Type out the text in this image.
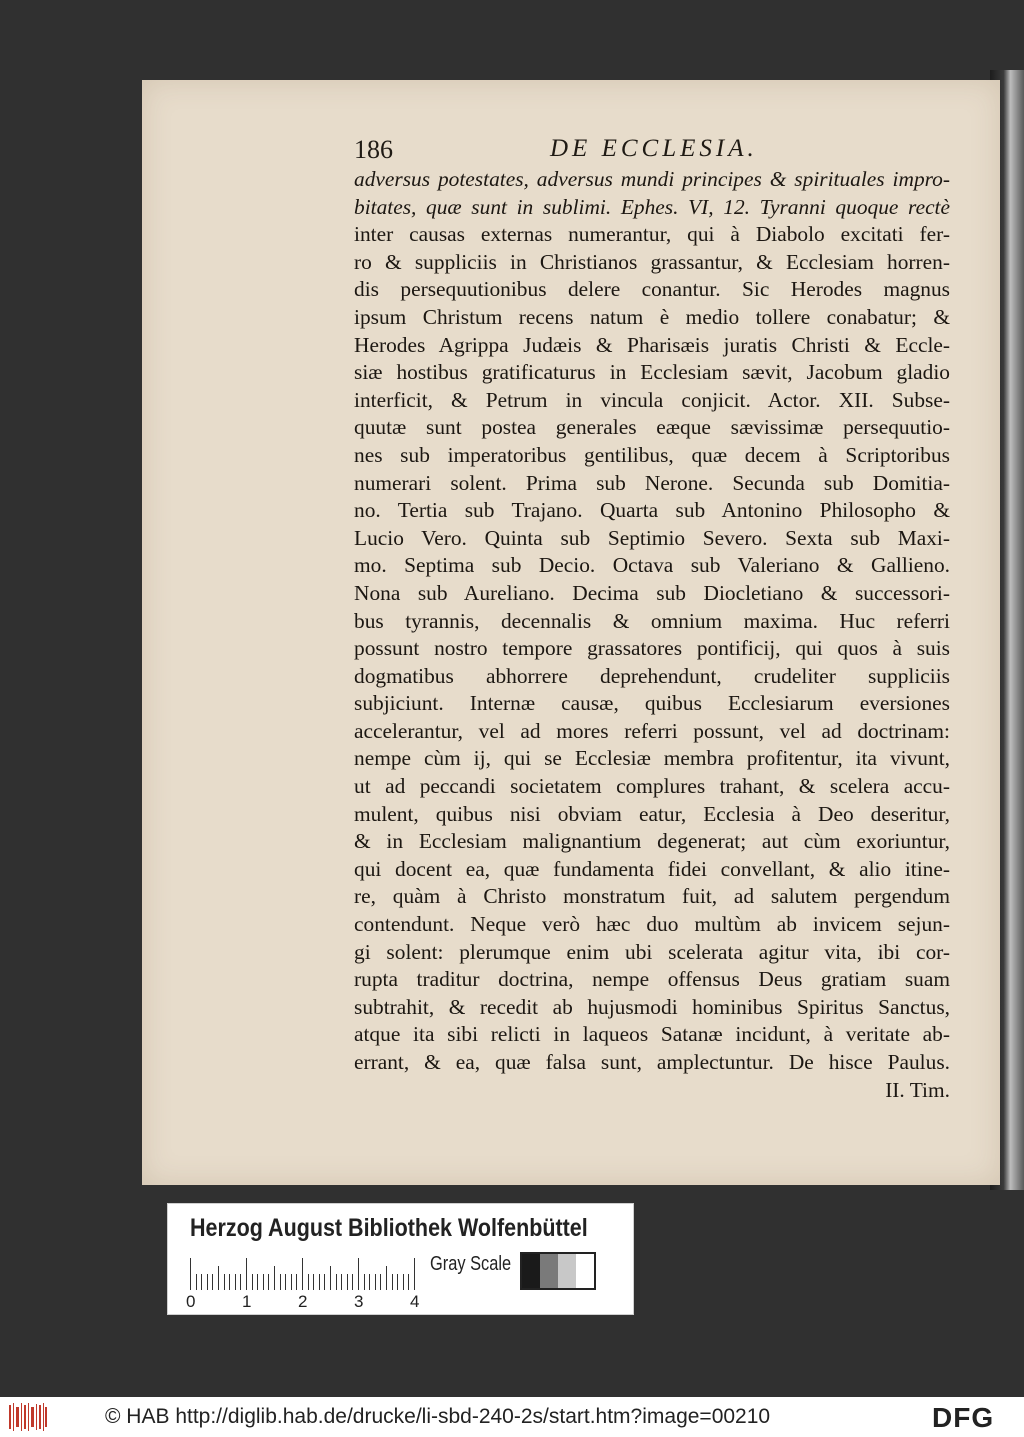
186	DE ECCLESIA.
adversus potestates, adversus mundi principes & spirituales impro-
bitates, quæ sunt in sublimi. Ephes. VI, 12. Tyranni quoque rectè
inter causas externas numerantur, qui à Diabolo excitati fer-
ro & suppliciis in Christianos grassantur, & Ecclesiam horren-
dis persequutionibus delere conantur. Sic Herodes magnus
ipsum Christum recens natum è medio tollere conabatur; &
Herodes Agrippa Judæis & Pharisæis juratis Christi & Eccle-
siæ hostibus gratificaturus in Ecclesiam sævit, Jacobum gladio
interficit, & Petrum in vincula conjicit. Actor. XII. Subse-
quutæ sunt postea generales eæque sævissimæ persequutio-
nes sub imperatoribus gentilibus, quæ decem à Scriptoribus
numerari solent. Prima sub Nerone. Secunda sub Domitia-
no. Tertia sub Trajano. Quarta sub Antonino Philosopho &
Lucio Vero. Quinta sub Septimio Severo. Sexta sub Maxi-
mo. Septima sub Decio. Octava sub Valeriano & Gallieno.
Nona sub Aureliano. Decima sub Diocletiano & successori-
bus tyrannis, decennalis & omnium maxima. Huc referri
possunt nostro tempore grassatores pontificij, qui quos à suis
dogmatibus abhorrere deprehendunt, crudeliter suppliciis
subjiciunt. Internæ causæ, quibus Ecclesiarum eversiones
accelerantur, vel ad mores referri possunt, vel ad doctrinam:
nempe cùm ij, qui se Ecclesiæ membra profitentur, ita vivunt,
ut ad peccandi societatem complures trahant, & scelera accu-
mulent, quibus nisi obviam eatur, Ecclesia à Deo deseritur,
& in Ecclesiam malignantium degenerat; aut cùm exoriuntur,
qui docent ea, quæ fundamenta fidei convellant, & alio itine-
re, quàm à Christo monstratum fuit, ad salutem pergendum
contendunt. Neque verò hæc duo multùm ab invicem sejun-
gi solent: plerumque enim ubi scelerata agitur vita, ibi cor-
rupta traditur doctrina, nempe offensus Deus gratiam suam
subtrahit, & recedit ab hujusmodi hominibus Spiritus Sanctus,
atque ita sibi relicti in laqueos Satanæ incidunt, à veritate ab-
errant, & ea, quæ falsa sunt, amplectuntur. De hisce Paulus.
II. Tim.
Herzog August Bibliothek Wolfenbüttel
0	1	2	3	4
Gray Scale
© HAB http://diglib.hab.de/drucke/li-sbd-240-2s/start.htm?image=00210	DFG
